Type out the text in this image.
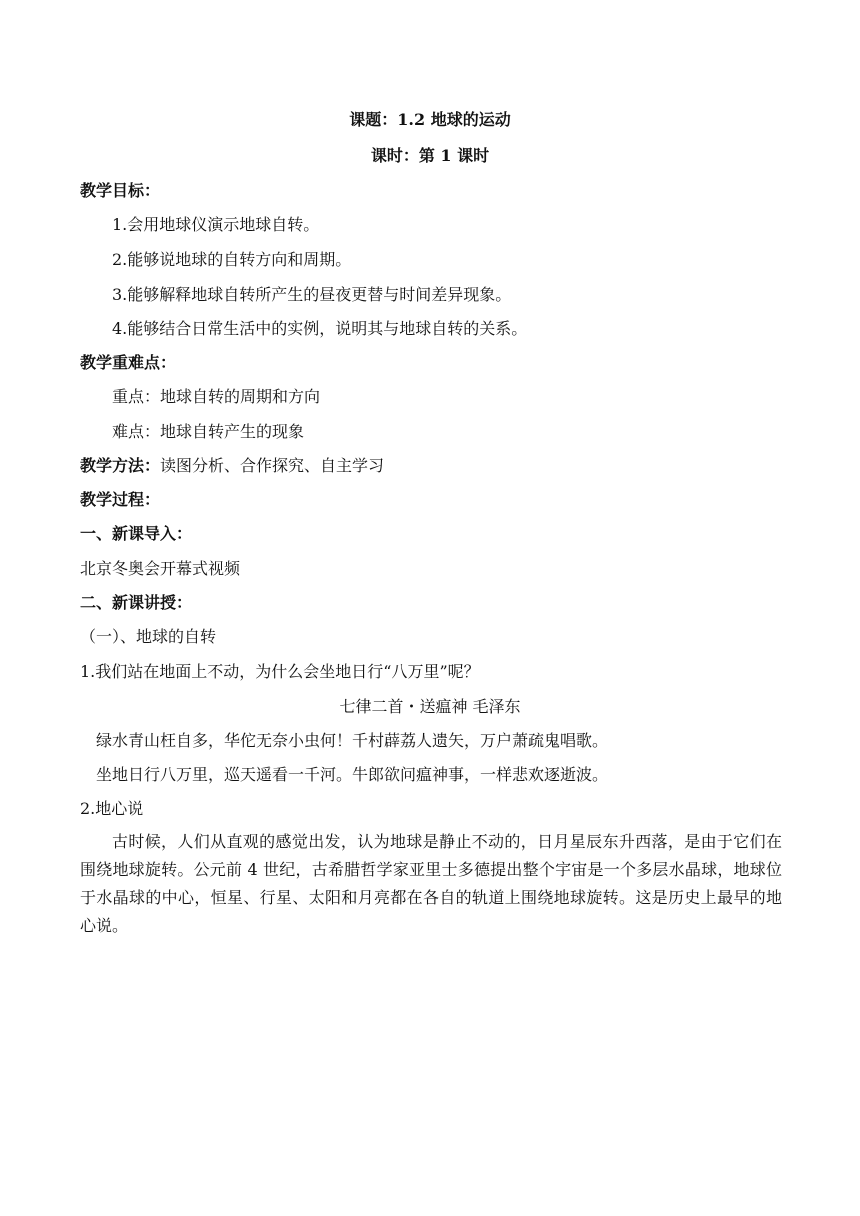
课题：1.2 地球的运动
课时：第 1 课时
教学目标：
1.会用地球仪演示地球自转。
2.能够说地球的自转方向和周期。
3.能够解释地球自转所产生的昼夜更替与时间差异现象。
4.能够结合日常生活中的实例，说明其与地球自转的关系。
教学重难点：
重点：地球自转的周期和方向
难点：地球自转产生的现象
教学方法：读图分析、合作探究、自主学习
教学过程：
一、新课导入：
北京冬奥会开幕式视频
二、新课讲授：
（一）、地球的自转
1.我们站在地面上不动，为什么会坐地日行“八万里”呢？
七律二首・送瘟神 毛泽东
绿水青山枉自多，华佗无奈小虫何！千村薜荔人遗矢，万户萧疏鬼唱歌。
坐地日行八万里，巡天遥看一千河。牛郎欲问瘟神事，一样悲欢逐逝波。
2.地心说
古时候，人们从直观的感觉出发，认为地球是静止不动的，日月星辰东升西落，是由于它们在围绕地球旋转。公元前 4 世纪，古希腊哲学家亚里士多德提出整个宇宙是一个多层水晶球，地球位于水晶球的中心，恒星、行星、太阳和月亮都在各自的轨道上围绕地球旋转。这是历史上最早的地心说。
